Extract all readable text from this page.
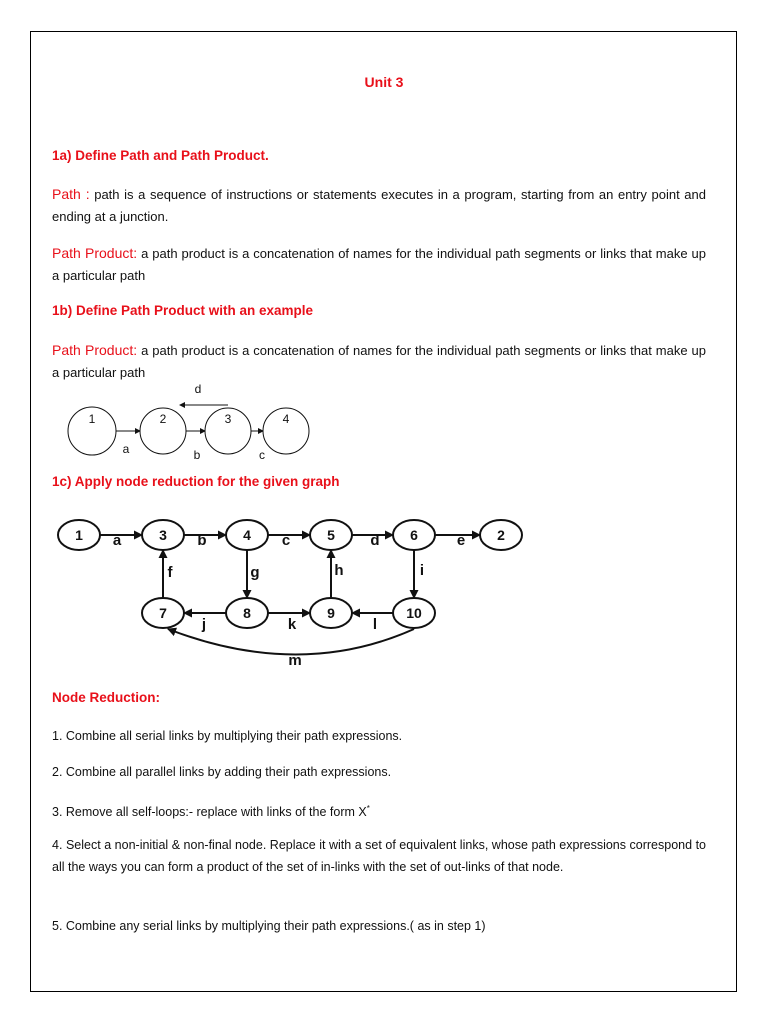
Unit 3
1a) Define Path and Path Product.
Path : path is a sequence of instructions or statements executes in a program, starting from an entry point and ending at a junction.
Path Product: a path product is a concatenation of names for the individual path segments or links that make up a particular path
1b) Define Path Product with an example
Path Product: a path product is a concatenation of names for the individual path segments or links that make up a particular path
a	b	c
d
1	2	3	4
1c) Apply node reduction for the given graph
a	b	c	d	e
f	g	h	i
j	k	l
m
1	3	4	5	6	2
7	8	9	10
Node Reduction:
1. Combine all serial links by multiplying their path expressions.
2. Combine all parallel links by adding their path expressions.
3. Remove all self-loops:- replace with links of the form X*
4. Select a non-initial & non-final node. Replace it with a set of equivalent links, whose path expressions correspond to all the ways you can form a product of the set of in-links with the set of out-links of that node.
5. Combine any serial links by multiplying their path expressions.( as in step 1)
